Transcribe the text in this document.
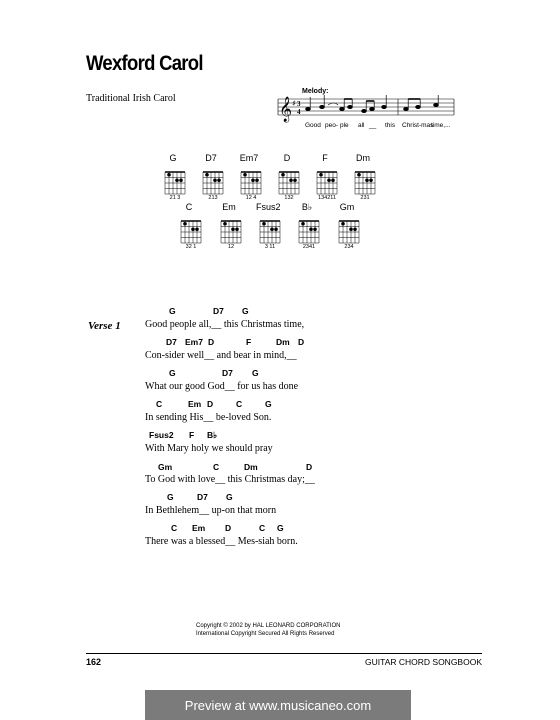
Wexford Carol
Traditional Irish Carol
Melody:
𝄞 ♯ 3
4
Good peo- ple all __ this Christ-mas
time,...
G
21 3
D7
213
Em7
12 4
D
132
F
134211
Dm
231
C
32 1
Em
12
Fsus2
3 11
B♭
2341
Gm
234
Verse 1

G

	D7

G

Good people all,__ this Christmas time,

D7

Em7

D

	F

	Dm

D

Con-sider well__ and bear in mind,__

G

	D7

G

What our good God__ for us has done

C

	Em

D

	C

	G

In sending His__ be-loved Son.

Fsus2

F

B♭

With Mary holy we should pray

Gm

	C

	Dm

	D

To God with love__ this Christmas day;__

G

	D7

G

In Bethlehem__ up-on that morn

C

Em

D

	C

G

There was a blessed__ Mes-siah born.
Copyright © 2002 by HAL LEONARD CORPORATION
International Copyright Secured All Rights Reserved
162	GUITAR CHORD SONGBOOK
Preview at www.musicaneo.com
